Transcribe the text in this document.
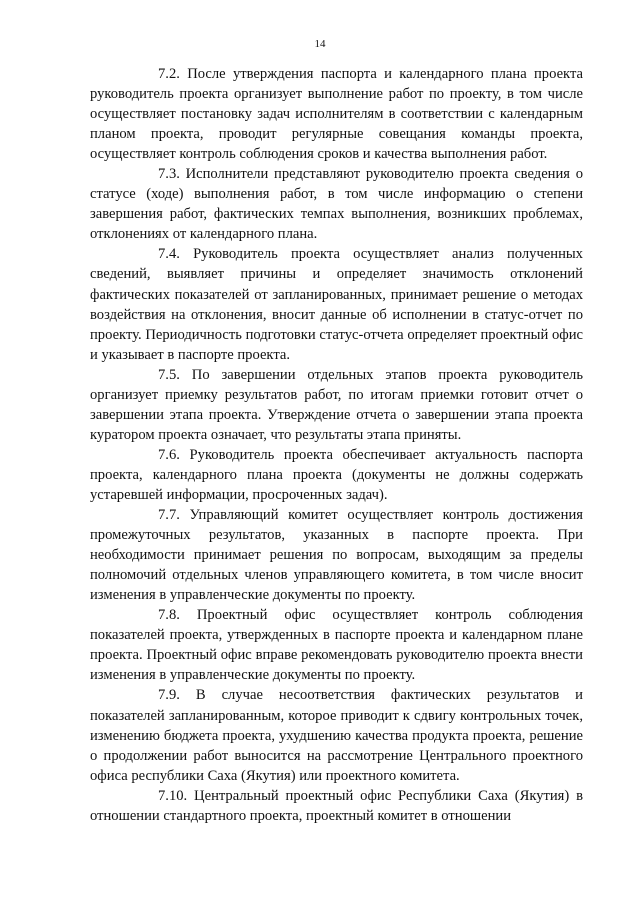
14

7.2. После утверждения паспорта и календарного плана проекта руководитель проекта организует выполнение работ по проекту, в том числе осуществляет постановку задач исполнителям в соответствии с календарным планом проекта, проводит регулярные совещания команды проекта, осуществляет контроль соблюдения сроков и качества выполнения работ.

7.3. Исполнители представляют руководителю проекта сведения о статусе (ходе) выполнения работ, в том числе информацию о степени завершения работ, фактических темпах выполнения, возникших проблемах, отклонениях от календарного плана.

7.4. Руководитель проекта осуществляет анализ полученных сведений, выявляет причины и определяет значимость отклонений фактических показателей от запланированных, принимает решение о методах воздействия на отклонения, вносит данные об исполнении в статус-отчет по проекту. Периодичность подготовки статус-отчета определяет проектный офис и указывает в паспорте проекта.

7.5. По завершении отдельных этапов проекта руководитель организует приемку результатов работ, по итогам приемки готовит отчет о завершении этапа проекта. Утверждение отчета о завершении этапа проекта куратором проекта означает, что результаты этапа приняты.

7.6. Руководитель проекта обеспечивает актуальность паспорта проекта, календарного плана проекта (документы не должны содержать устаревшей информации, просроченных задач).

7.7. Управляющий комитет осуществляет контроль достижения промежуточных результатов, указанных в паспорте проекта. При необходимости принимает решения по вопросам, выходящим за пределы полномочий отдельных членов управляющего комитета, в том числе вносит изменения в управленческие документы по проекту.

7.8. Проектный офис осуществляет контроль соблюдения показателей проекта, утвержденных в паспорте проекта и календарном плане проекта. Проектный офис вправе рекомендовать руководителю проекта внести изменения в управленческие документы по проекту.

7.9. В случае несоответствия фактических результатов и показателей запланированным, которое приводит к сдвигу контрольных точек, изменению бюджета проекта, ухудшению качества продукта проекта, решение о продолжении работ выносится на рассмотрение Центрального проектного офиса республики Саха (Якутия) или проектного комитета.

7.10. Центральный проектный офис Республики Саха (Якутия) в отношении стандартного проекта, проектный комитет в отношении
